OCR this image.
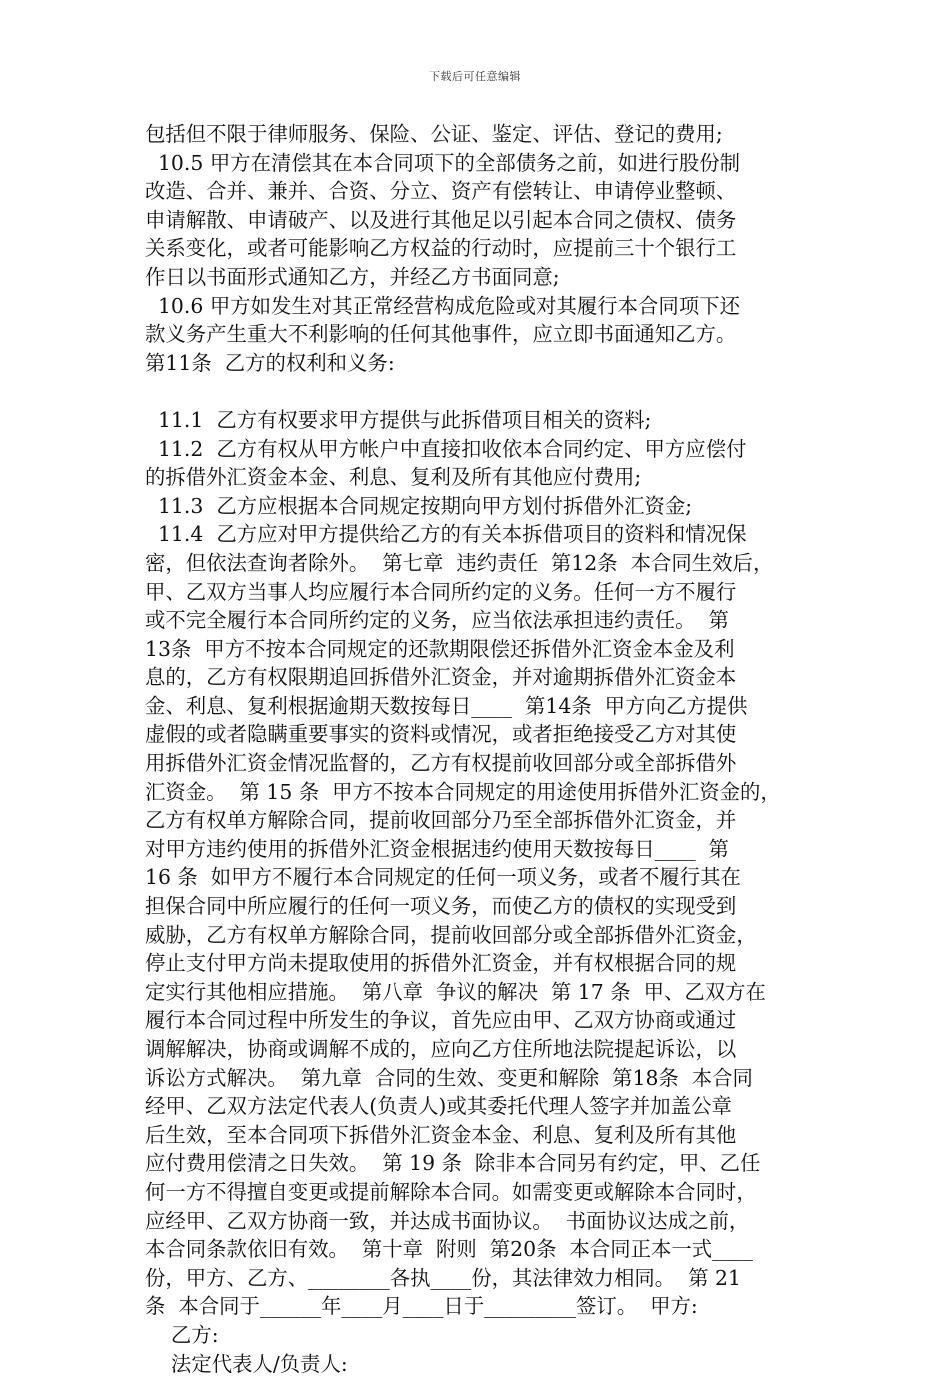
下载后可任意编辑
包括但不限于律师服务、保险、公证、鉴定、评估、登记的费用;
10.5 甲方在清偿其在本合同项下的全部债务之前，如进行股份制
改造、合并、兼并、合资、分立、资产有偿转让、申请停业整顿、
申请解散、申请破产、以及进行其他足以引起本合同之债权、债务
关系变化，或者可能影响乙方权益的行动时，应提前三十个银行工
作日以书面形式通知乙方，并经乙方书面同意;
10.6 甲方如发生对其正常经营构成危险或对其履行本合同项下还
款义务产生重大不利影响的任何其他事件，应立即书面通知乙方。
第11条  乙方的权利和义务:
11.1  乙方有权要求甲方提供与此拆借项目相关的资料;
11.2  乙方有权从甲方帐户中直接扣收依本合同约定、甲方应偿付
的拆借外汇资金本金、利息、复利及所有其他应付费用;
11.3  乙方应根据本合同规定按期向甲方划付拆借外汇资金;
11.4  乙方应对甲方提供给乙方的有关本拆借项目的资料和情况保
密，但依法查询者除外。  第七章  违约责任  第12条  本合同生效后，
甲、乙双方当事人均应履行本合同所约定的义务。任何一方不履行
或不完全履行本合同所约定的义务，应当依法承担违约责任。  第
13条  甲方不按本合同规定的还款期限偿还拆借外汇资金本金及利
息的，乙方有权限期追回拆借外汇资金，并对逾期拆借外汇资金本
金、利息、复利根据逾期天数按每日____  第14条  甲方向乙方提供
虚假的或者隐瞒重要事实的资料或情况，或者拒绝接受乙方对其使
用拆借外汇资金情况监督的，乙方有权提前收回部分或全部拆借外
汇资金。  第 15 条  甲方不按本合同规定的用途使用拆借外汇资金的，
乙方有权单方解除合同，提前收回部分乃至全部拆借外汇资金，并
对甲方违约使用的拆借外汇资金根据违约使用天数按每日____  第
16 条  如甲方不履行本合同规定的任何一项义务，或者不履行其在
担保合同中所应履行的任何一项义务，而使乙方的债权的实现受到
威胁，乙方有权单方解除合同，提前收回部分或全部拆借外汇资金，
停止支付甲方尚未提取使用的拆借外汇资金，并有权根据合同的规
定实行其他相应措施。  第八章  争议的解决  第 17 条  甲、乙双方在
履行本合同过程中所发生的争议，首先应由甲、乙双方协商或通过
调解解决，协商或调解不成的，应向乙方住所地法院提起诉讼，以
诉讼方式解决。  第九章  合同的生效、变更和解除  第18条  本合同
经甲、乙双方法定代表人(负责人)或其委托代理人签字并加盖公章
后生效，至本合同项下拆借外汇资金本金、利息、复利及所有其他
应付费用偿清之日失效。  第 19 条  除非本合同另有约定，甲、乙任
何一方不得擅自变更或提前解除本合同。如需变更或解除本合同时，
应经甲、乙双方协商一致，并达成书面协议。  书面协议达成之前，
本合同条款依旧有效。  第十章  附则  第20条  本合同正本一式____
份，甲方、乙方、________各执____份，其法律效力相同。  第 21
条  本合同于______年____月____日于_________签订。  甲方:
乙方:
法定代表人/负责人:
